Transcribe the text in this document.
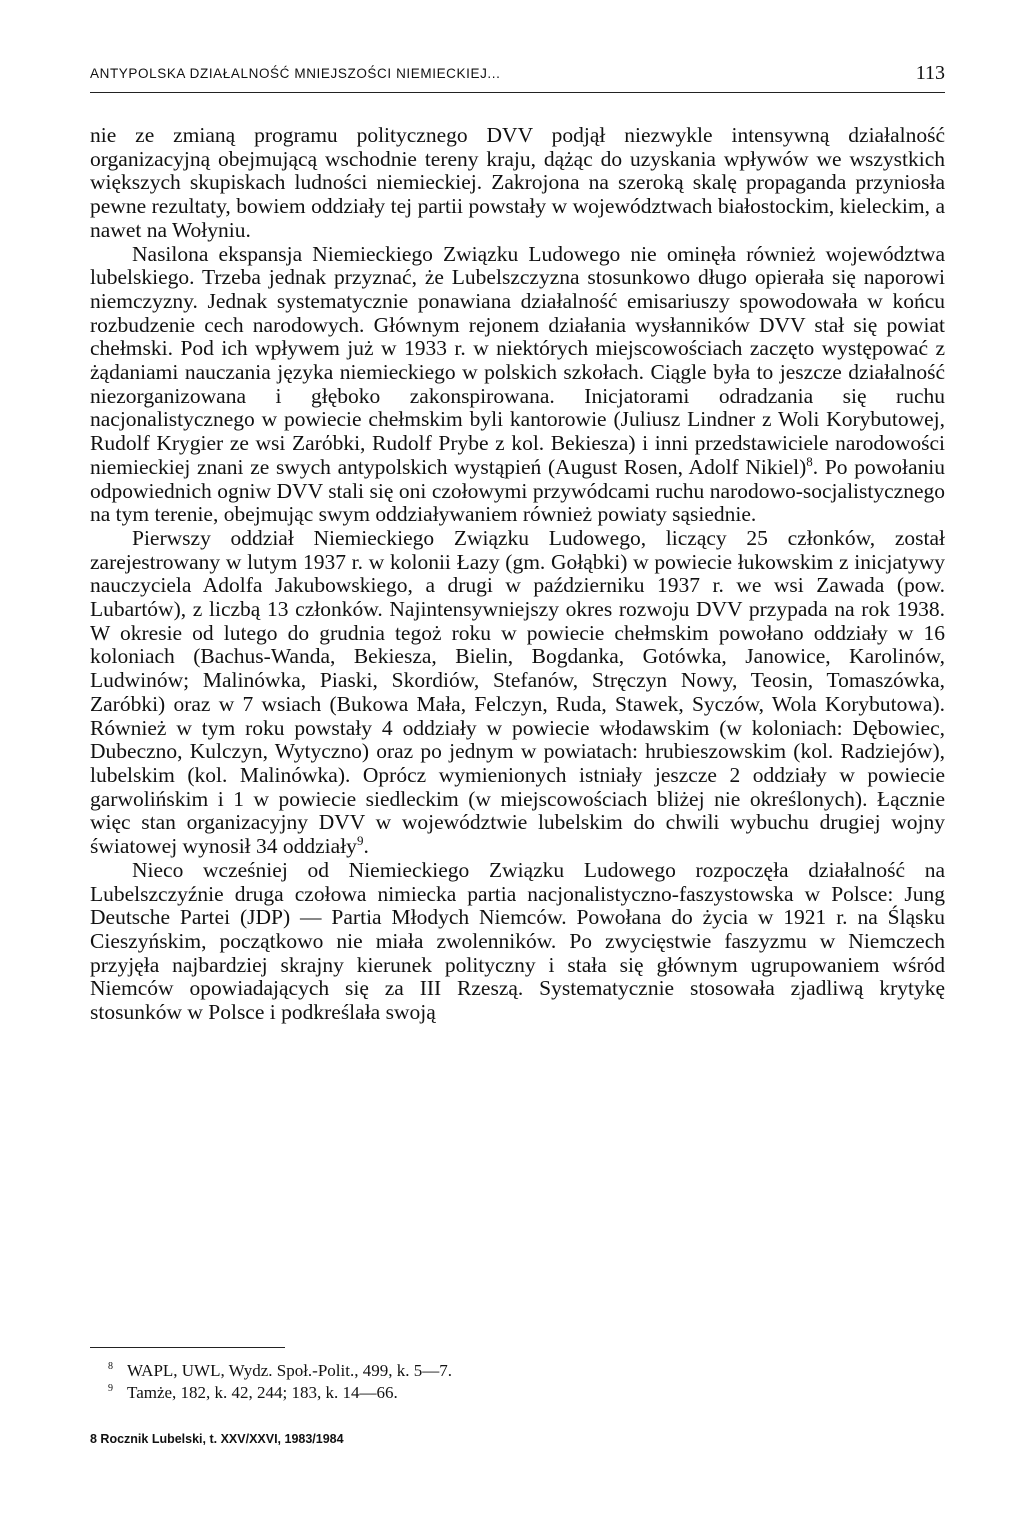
ANTYPOLSKA DZIAŁALNOŚĆ MNIEJSZOŚCI NIEMIECKIEJ...	113

nie ze zmianą programu politycznego DVV podjął niezwykle intensywną działalność organizacyjną obejmującą wschodnie tereny kraju, dążąc do uzyskania wpływów we wszystkich większych skupiskach ludności niemieckiej. Zakrojona na szeroką skalę propaganda przyniosła pewne rezultaty, bowiem oddziały tej partii powstały w województwach białostockim, kieleckim, a nawet na Wołyniu.

Nasilona ekspansja Niemieckiego Związku Ludowego nie ominęła również województwa lubelskiego. Trzeba jednak przyznać, że Lubelszczyzna stosunkowo długo opierała się naporowi niemczyzny. Jednak systematycznie ponawiana działalność emisariuszy spowodowała w końcu rozbudzenie cech narodowych. Głównym rejonem działania wysłanników DVV stał się powiat chełmski. Pod ich wpływem już w 1933 r. w niektórych miejscowościach zaczęto występować z żądaniami nauczania języka niemieckiego w polskich szkołach. Ciągle była to jeszcze działalność niezorganizowana i głęboko zakonspirowana. Inicjatorami odradzania się ruchu nacjonalistycznego w powiecie chełmskim byli kantorowie (Juliusz Lindner z Woli Korybutowej, Rudolf Krygier ze wsi Zarόbki, Rudolf Prybe z kol. Bekiesza) i inni przedstawiciele narodowości niemieckiej znani ze swych antypolskich wystąpień (August Rosen, Adolf Nikiel)$^8$. Po powołaniu odpowiednich ogniw DVV stali się oni czołowymi przywódcami ruchu narodowo-socjalistycznego na tym terenie, obejmując swym oddziaływaniem również powiaty sąsiednie.

Pierwszy oddział Niemieckiego Związku Ludowego, liczący 25 członków, został zarejestrowany w lutym 1937 r. w kolonii Łazy (gm. Gołąbki) w powiecie łukowskim z inicjatywy nauczyciela Adolfa Jakubowskiego, a drugi w październiku 1937 r. we wsi Zawada (pow. Lubartów), z liczbą 13 członków. Najintensywniejszy okres rozwoju DVV przypada na rok 1938. W okresie od lutego do grudnia tegoż roku w powiecie chełmskim powołano oddziały w 16 koloniach (Bachus-Wanda, Bekiesza, Bielin, Bogdanka, Gotówka, Janowice, Karolinów, Ludwinów; Malinówka, Piaski, Skordiów, Stefanów, Stręczyn Nowy, Teosin, Tomaszówka, Zaróbki) oraz w 7 wsiach (Bukowa Mała, Felczyn, Ruda, Stawek, Syczów, Wola Korybutowa). Również w tym roku powstały 4 oddziały w powiecie włodawskim (w koloniach: Dębowiec, Dubeczno, Kulczyn, Wytyczno) oraz po jednym w powiatach: hrubieszowskim (kol. Radziejów), lubelskim (kol. Malinówka). Oprócz wymienionych istniały jeszcze 2 oddziały w powiecie garwolińskim i 1 w powiecie siedleckim (w miejscowościach bliżej nie określonych). Łącznie więc stan organizacyjny DVV w województwie lubelskim do chwili wybuchu drugiej wojny światowej wynosił 34 oddziały$^9$.

Nieco wcześniej od Niemieckiego Związku Ludowego rozpoczęła działalność na Lubelszczyźnie druga czołowa nimiecka partia nacjonalistyczno-faszystowska w Polsce: Jung Deutsche Partei (JDP) — Partia Młodych Niemców. Powołana do życia w 1921 r. na Śląsku Cieszyńskim, początkowo nie miała zwolenników. Po zwycięstwie faszyzmu w Niemczech przyjęła najbardziej skrajny kierunek polityczny i stała się głównym ugrupowaniem wśród Niemców opowiadających się za III Rzeszą. Systematycznie stosowała zjadliwą krytykę stosunków w Polsce i podkreślała swoją

$^8$ WAPL, UWL, Wydz. Społ.-Polit., 499, k. 5—7.
$^9$ Tamże, 182, k. 42, 244; 183, k. 14—66.
8 Rocznik Lubelski, t. XXV/XXVI, 1983/1984
